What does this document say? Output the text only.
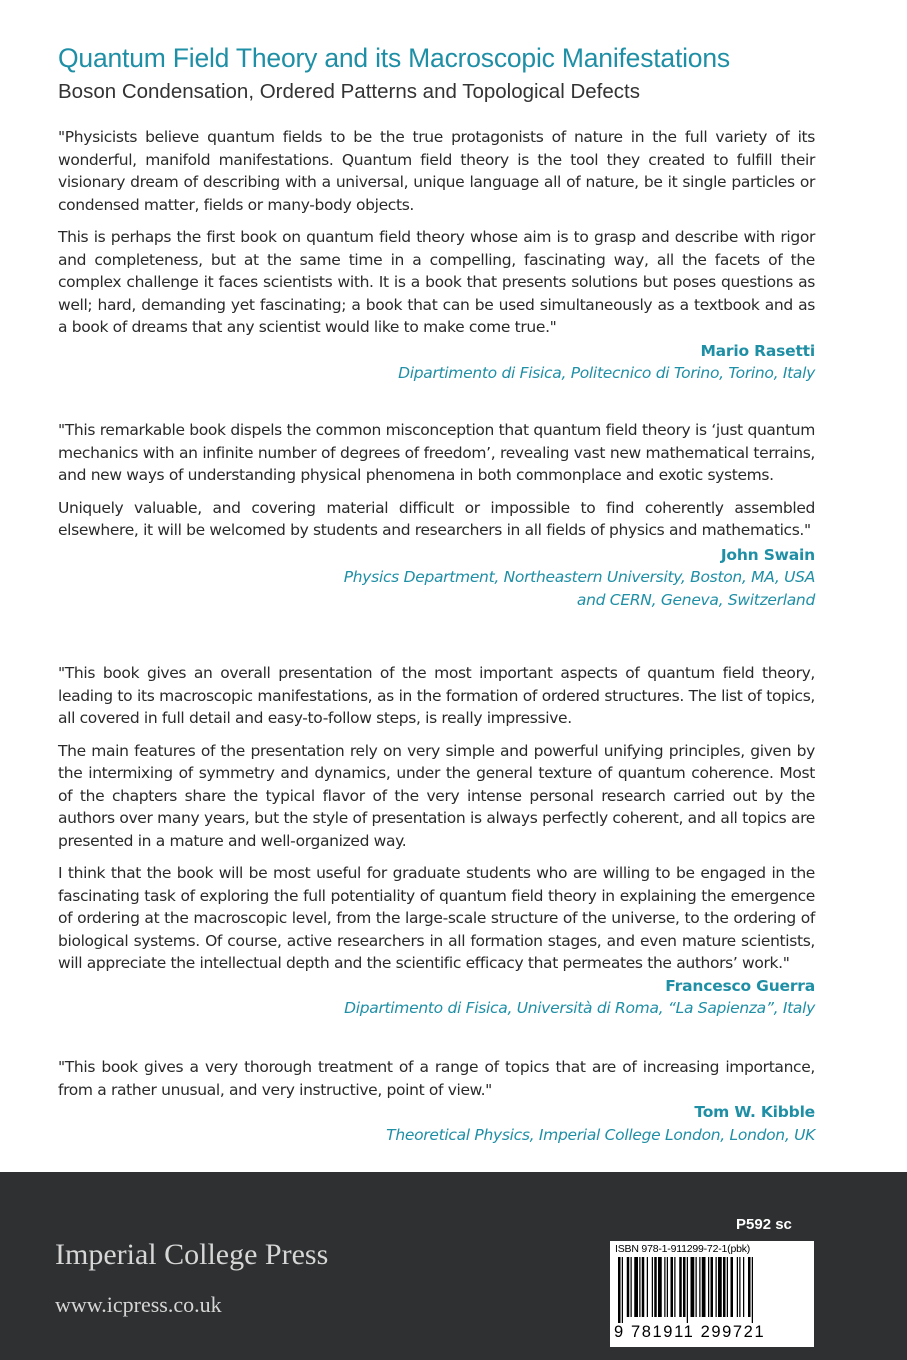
Quantum Field Theory and its Macroscopic Manifestations
Boson Condensation, Ordered Patterns and Topological Defects

"Physicists believe quantum fields to be the true protagonists of nature in the full variety of its wonderful, manifold manifestations. Quantum field theory is the tool they created to fulfill their visionary dream of describing with a universal, unique language all of nature, be it single particles or condensed matter, fields or many-body objects.

This is perhaps the first book on quantum field theory whose aim is to grasp and describe with rigor and completeness, but at the same time in a compelling, fascinating way, all the facets of the complex challenge it faces scientists with. It is a book that presents solutions but poses questions as well; hard, demanding yet fascinating; a book that can be used simultaneously as a textbook and as a book of dreams that any scientist would like to make come true."

Mario Rasetti

Dipartimento di Fisica, Politecnico di Torino, Torino, Italy

"This remarkable book dispels the common misconception that quantum field theory is ‘just quantum mechanics with an infinite number of degrees of freedom’, revealing vast new mathematical terrains, and new ways of understanding physical phenomena in both commonplace and exotic systems.

Uniquely valuable, and covering material difficult or impossible to find coherently assembled elsewhere, it will be welcomed by students and researchers in all fields of physics and mathematics."

John Swain

Physics Department, Northeastern University, Boston, MA, USA

and CERN, Geneva, Switzerland

"This book gives an overall presentation of the most important aspects of quantum field theory, leading to its macroscopic manifestations, as in the formation of ordered structures. The list of topics, all covered in full detail and easy-to-follow steps, is really impressive.

The main features of the presentation rely on very simple and powerful unifying principles, given by the intermixing of symmetry and dynamics, under the general texture of quantum coherence. Most of the chapters share the typical flavor of the very intense personal research carried out by the authors over many years, but the style of presentation is always perfectly coherent, and all topics are presented in a mature and well-organized way.

I think that the book will be most useful for graduate students who are willing to be engaged in the fascinating task of exploring the full potentiality of quantum field theory in explaining the emergence of ordering at the macroscopic level, from the large-scale structure of the universe, to the ordering of biological systems. Of course, active researchers in all formation stages, and even mature scientists, will appreciate the intellectual depth and the scientific efficacy that permeates the authors’ work."

Francesco Guerra

Dipartimento di Fisica, Università di Roma, “La Sapienza”, Italy

"This book gives a very thorough treatment of a range of topics that are of increasing importance, from a rather unusual, and very instructive, point of view."

Tom W. Kibble

Theoretical Physics, Imperial College London, London, UK

Imperial College Press
www.icpress.co.uk
P592 sc
ISBN 978-1-911299-72-1(pbk)
9 781911 299721
